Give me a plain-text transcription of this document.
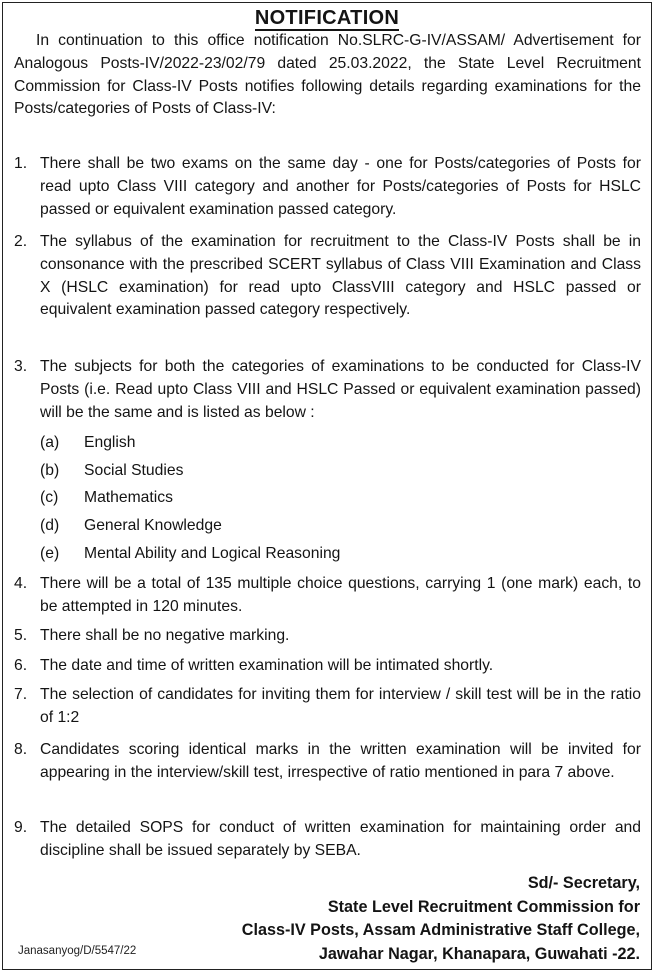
NOTIFICATION
In continuation to this office notification No.SLRC-G-IV/ASSAM/ Advertisement for Analogous Posts-IV/2022-23/02/79 dated 25.03.2022, the State Level Recruitment Commission for Class-IV Posts notifies following details regarding examinations for the Posts/categories of Posts of Class-IV:
1. There shall be two exams on the same day - one for Posts/categories of Posts for read upto Class VIII category and another for Posts/categories of Posts for HSLC passed or equivalent examination passed category.
2. The syllabus of the examination for recruitment to the Class-IV Posts shall be in consonance with the prescribed SCERT syllabus of Class VIII Examination and Class X (HSLC examination) for read upto ClassVIII category and HSLC passed or equivalent examination passed category respectively.
3. The subjects for both the categories of examinations to be conducted for Class-IV Posts (i.e. Read upto Class VIII and HSLC Passed or equivalent examination passed) will be the same and is listed as below :
(a) English
(b) Social Studies
(c) Mathematics
(d) General Knowledge
(e) Mental Ability and Logical Reasoning
4. There will be a total of 135 multiple choice questions, carrying 1 (one mark) each, to be attempted in 120 minutes.
5. There shall be no negative marking.
6. The date and time of written examination will be intimated shortly.
7. The selection of candidates for inviting them for interview / skill test will be in the ratio of 1:2
8. Candidates scoring identical marks in the written examination will be invited for appearing in the interview/skill test, irrespective of ratio mentioned in para 7 above.
9. The detailed SOPS for conduct of written examination for maintaining order and discipline shall be issued separately by SEBA.
Sd/- Secretary,
State Level Recruitment Commission for
Class-IV Posts, Assam Administrative Staff College,
Jawahar Nagar, Khanapara, Guwahati -22.
Janasanyog/D/5547/22
